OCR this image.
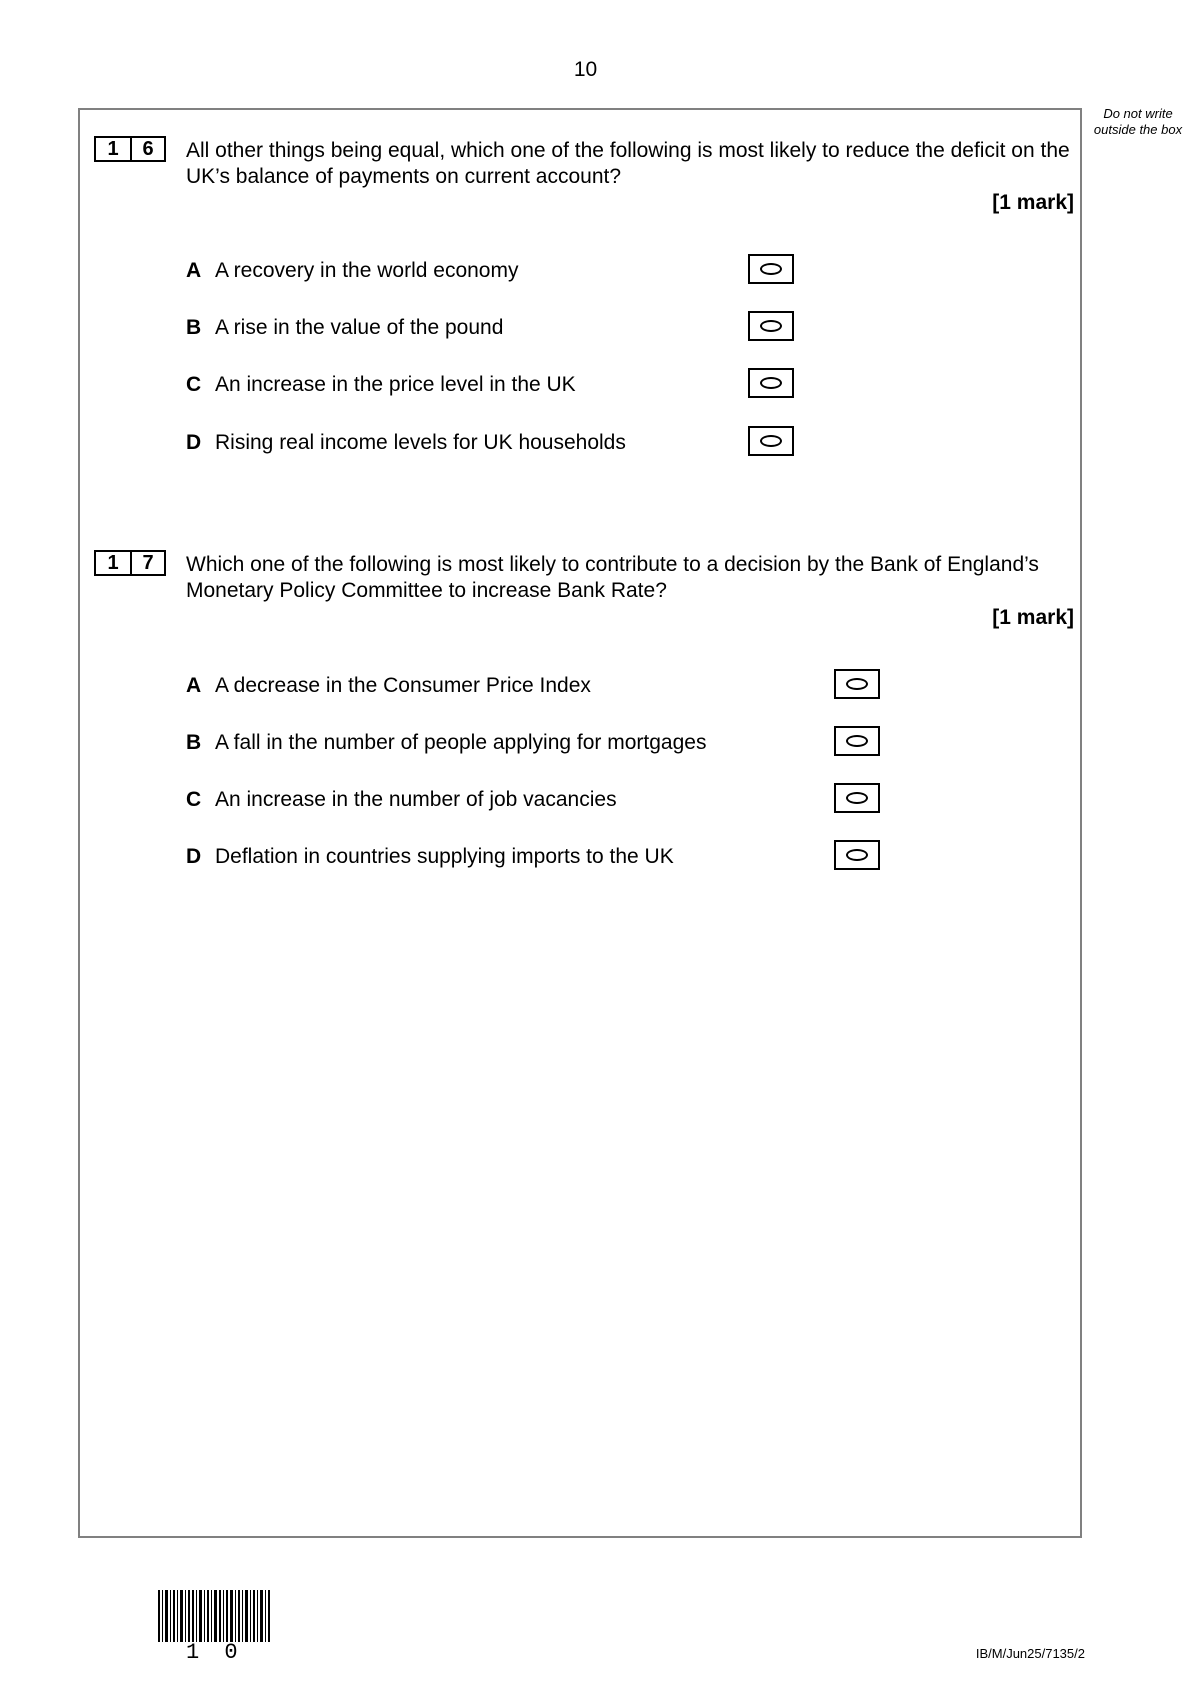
10
Do not write outside the box
1	6	All other things being equal, which one of the following is most likely to reduce the deficit on the UK’s balance of payments on current account?
[1 mark]
A A recovery in the world economy
B A rise in the value of the pound
C An increase in the price level in the UK
D Rising real income levels for UK households
1	7	Which one of the following is most likely to contribute to a decision by the Bank of England’s Monetary Policy Committee to increase Bank Rate?
[1 mark]
A A decrease in the Consumer Price Index
B A fall in the number of people applying for mortgages
C An increase in the number of job vacancies
D Deflation in countries supplying imports to the UK
1 0	IB/M/Jun25/7135/2
